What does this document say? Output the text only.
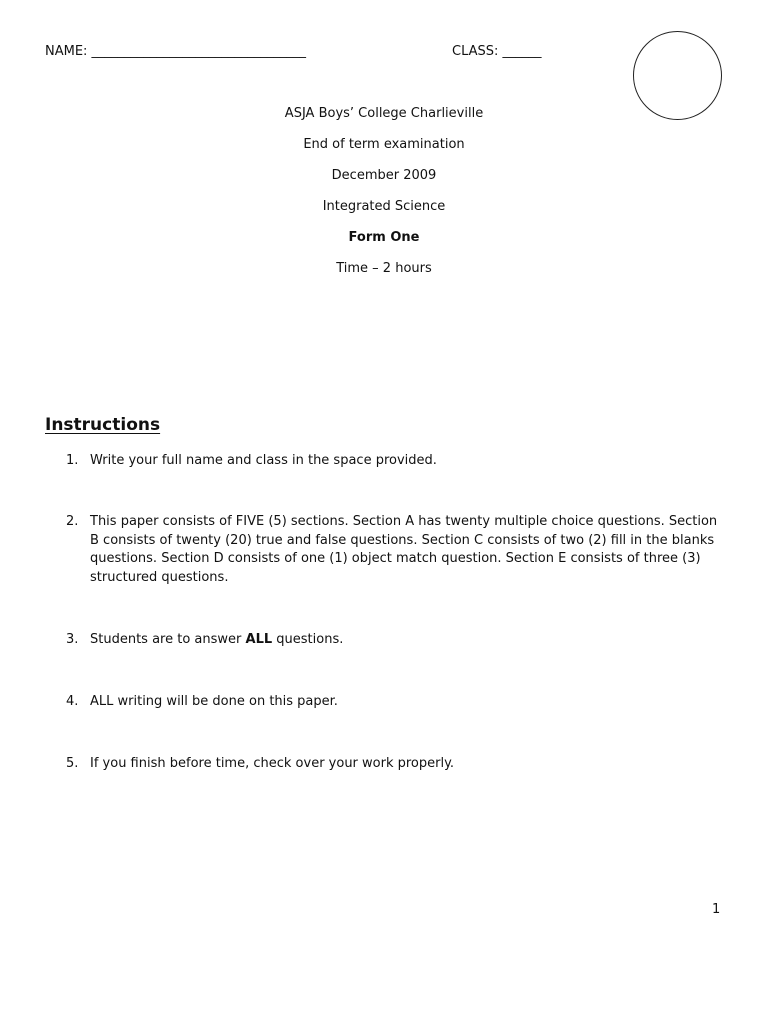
NAME: _________________________________	CLASS: ______
ASJA Boys’ College Charlieville
End of term examination
December 2009
Integrated Science
Form One
Time – 2 hours
Instructions
1. Write your full name and class in the space provided.
2. This paper consists of FIVE (5) sections. Section A has twenty multiple choice questions. Section B consists of twenty (20) true and false questions. Section C consists of two (2) fill in the blanks questions. Section D consists of one (1) object match question. Section E consists of three (3) structured questions.
3. Students are to answer ALL questions.
4. ALL writing will be done on this paper.
5. If you finish before time, check over your work properly.
1
